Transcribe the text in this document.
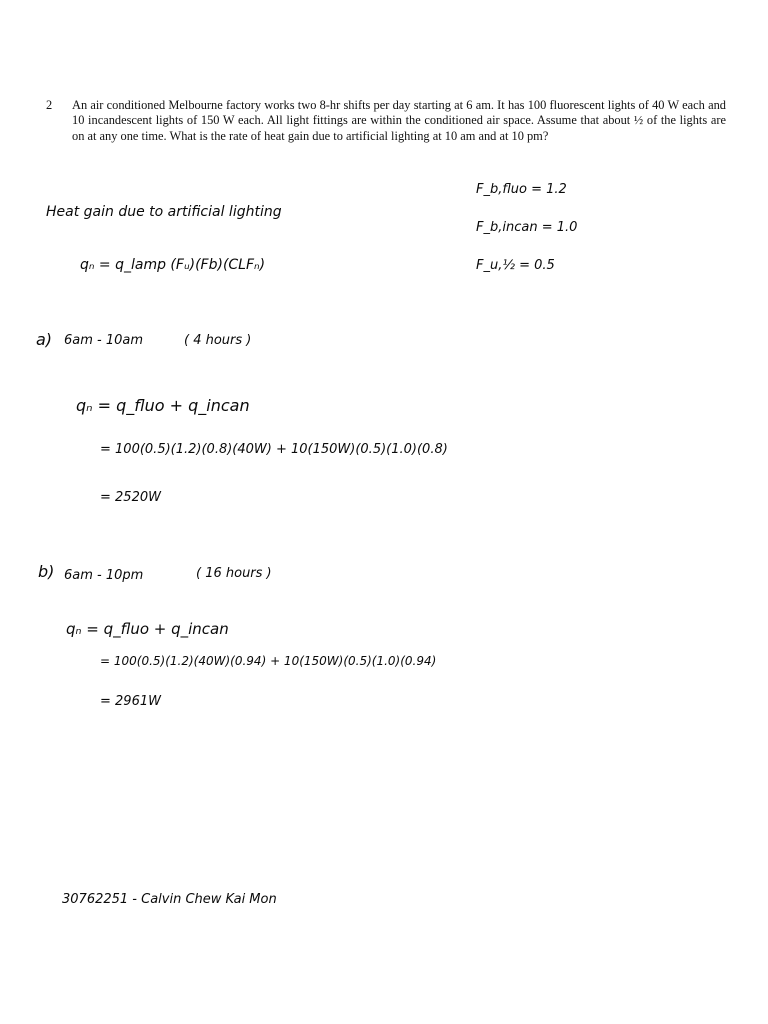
2 An air conditioned Melbourne factory works two 8-hr shifts per day starting at 6 am. It has 100 fluorescent lights of 40 W each and 10 incandescent lights of 150 W each. All light fittings are within the conditioned air space. Assume that about ½ of the lights are on at any one time. What is the rate of heat gain due to artificial lighting at 10 am and at 10 pm?
Heat gain due to artificial lighting
F_b,fluo = 1.2
F_b,incan = 1.0
F_u,½ = 0.5
qₙ = q_lamp (Fᵤ)(Fb)(CLFₙ)
a) 6am - 10am	( 4 hours )
qₙ = q_fluo + q_incan
= 100(0.5)(1.2)(0.8)(40W) + 10(150W)(0.5)(1.0)(0.8)
= 2520W
b) 6am - 10pm	( 16 hours )
qₙ = q_fluo + q_incan
= 100(0.5)(1.2)(40W)(0.94) + 10(150W)(0.5)(1.0)(0.94)
= 2961W
30762251 - Calvin Chew Kai Mon
